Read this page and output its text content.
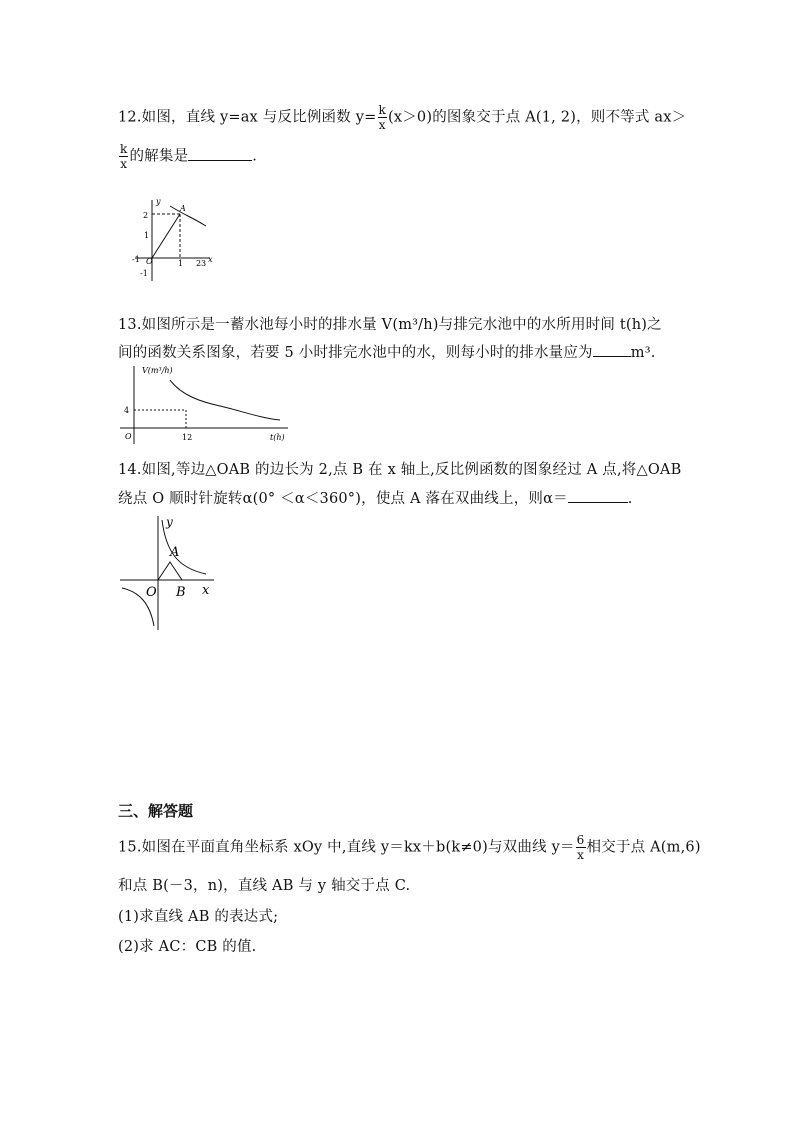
12.如图，直线 y=ax 与反比例函数 $y= \frac{k}{x} (x>0)$的图象交于点 A(1, 2)，则不等式 ax＞
$\frac{k}{x}$ 的解集是	.
y
x
2
1
-1 O	1 2 3
-1
A
13.如图所示是一蓄水池每小时的排水量 V(m³/h)与排完水池中的水所用时间 t(h)之
间的函数关系图象，若要 5 小时排完水池中的水，则每小时的排水量应为	m³.
V(m³/h)
t(h)
4
O	12
14.如图,等边△OAB 的边长为 2,点 B 在 x 轴上,反比例函数的图象经过 A 点,将△OAB
绕点 O 顺时针旋转α(0° ＜α＜360°)，使点 A 落在双曲线上，则α＝	.
y
x
A
O B
三、解答题
15.如图在平面直角坐标系 xOy 中,直线 y＝kx＋b(k≠0)与双曲线 $y= \frac{6}{x}$ 相交于点 A(m,6)
和点 B(－3，n)，直线 AB 与 y 轴交于点 C.
(1)求直线 AB 的表达式;
(2)求 AC：CB 的值.
